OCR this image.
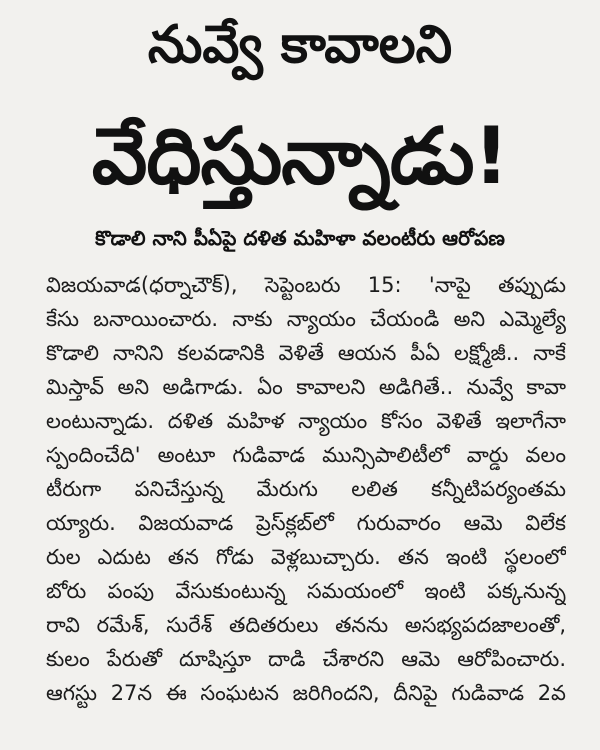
నువ్వే కావాలని
వేధిస్తున్నాడు!
కొడాలి నాని పీఏపై దళిత మహిళా వలంటీరు ఆరోపణ
విజయవాడ(ధర్నాచౌక్), సెప్టెంబరు 15: 'నాపై తప్పుడు
కేసు బనాయించారు. నాకు న్యాయం చేయండి అని ఎమ్మెల్యే
కొడాలి నానిని కలవడానికి వెళితే ఆయన పీఏ లక్ష్మోజీ.. నాకే
మిస్తావ్ అని అడిగాడు. ఏం కావాలని అడిగితే.. నువ్వే కావా
లంటున్నాడు. దళిత మహిళ న్యాయం కోసం వెళితే ఇలాగేనా
స్పందించేది' అంటూ గుడివాడ మున్సిపాలిటీలో వార్డు వలం
టీరుగా పనిచేస్తున్న మేరుగు లలిత కన్నీటిపర్యంతమ
య్యారు. విజయవాడ ప్రెస్‌క్లబ్‌లో గురువారం ఆమె విలేక
రుల ఎదుట తన గోడు వెళ్లబుచ్చారు. తన ఇంటి స్థలంలో
బోరు పంపు వేసుకుంటున్న సమయంలో ఇంటి పక్కనున్న
రావి రమేశ్, సురేశ్ తదితరులు తనను అసభ్యపదజాలంతో,
కులం పేరుతో దూషిస్తూ దాడి చేశారని ఆమె ఆరోపించారు.
ఆగస్టు 27న ఈ సంఘటన జరిగిందని, దీనిపై గుడివాడ 2వ
